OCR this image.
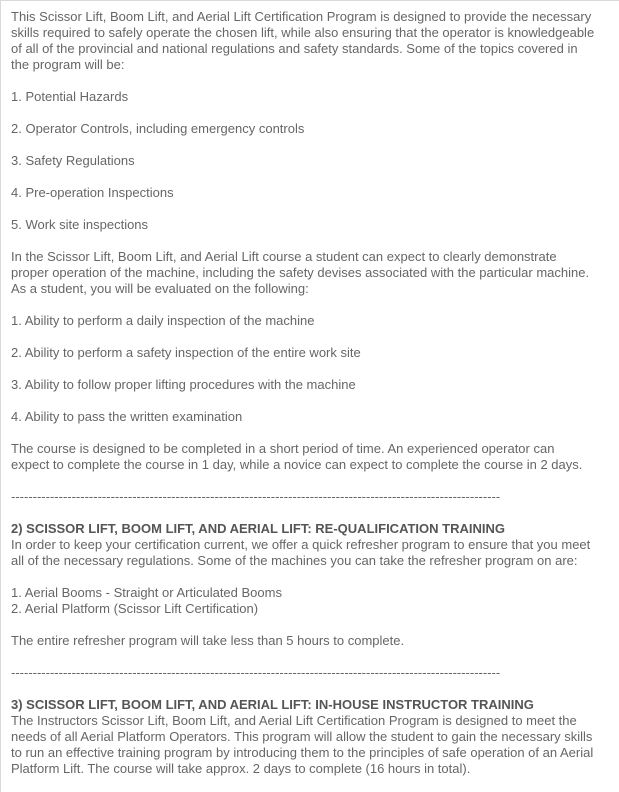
This Scissor Lift, Boom Lift, and Aerial Lift Certification Program is designed to provide the necessary skills required to safely operate the chosen lift, while also ensuring that the operator is knowledgeable of all of the provincial and national regulations and safety standards. Some of the topics covered in the program will be:

1. Potential Hazards

2. Operator Controls, including emergency controls

3. Safety Regulations

4. Pre-operation Inspections

5. Work site inspections

In the Scissor Lift, Boom Lift, and Aerial Lift course a student can expect to clearly demonstrate proper operation of the machine, including the safety devises associated with the particular machine. As a student, you will be evaluated on the following:

1. Ability to perform a daily inspection of the machine

2. Ability to perform a safety inspection of the entire work site

3. Ability to follow proper lifting procedures with the machine

4. Ability to pass the written examination

The course is designed to be completed in a short period of time. An experienced operator can expect to complete the course in 1 day, while a novice can expect to complete the course in 2 days.

-----------------------------------------------------------------------------------------------------------------

2) SCISSOR LIFT, BOOM LIFT, AND AERIAL LIFT: RE-QUALIFICATION TRAINING

In order to keep your certification current, we offer a quick refresher program to ensure that you meet all of the necessary regulations. Some of the machines you can take the refresher program on are:

1. Aerial Booms - Straight or Articulated Booms

2. Aerial Platform (Scissor Lift Certification)

The entire refresher program will take less than 5 hours to complete.

-----------------------------------------------------------------------------------------------------------------

3) SCISSOR LIFT, BOOM LIFT, AND AERIAL LIFT: IN-HOUSE INSTRUCTOR TRAINING

The Instructors Scissor Lift, Boom Lift, and Aerial Lift Certification Program is designed to meet the needs of all Aerial Platform Operators. This program will allow the student to gain the necessary skills to run an effective training program by introducing them to the principles of safe operation of an Aerial Platform Lift. The course will take approx. 2 days to complete (16 hours in total).
